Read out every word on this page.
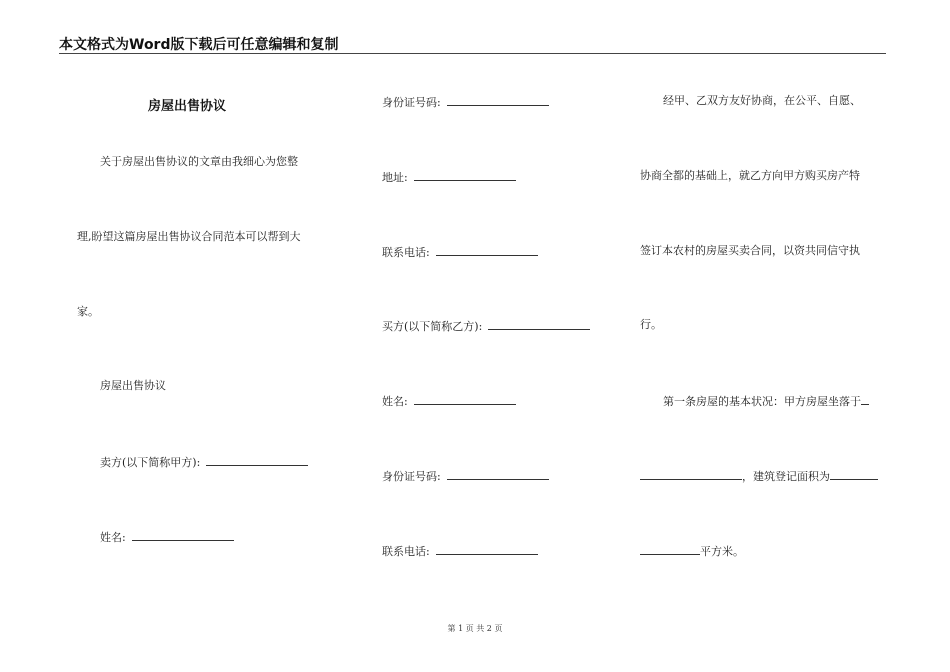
本文格式为Word版下载后可任意编辑和复制
房屋出售协议
关于房屋出售协议的文章由我细心为您整
理,盼望这篇房屋出售协议合同范本可以帮到大
家。
房屋出售协议
卖方(以下简称甲方):
姓名:
身份证号码:
地址:
联系电话:
买方(以下简称乙方):
姓名:
身份证号码:
联系电话:
经甲、乙双方友好协商，在公平、自愿、
协商全都的基础上，就乙方向甲方购买房产特
签订本农村的房屋买卖合同，以资共同信守执
行。
第一条房屋的基本状况：甲方房屋坐落于
，建筑登记面积为
平方米。
第 1 页 共 2 页
